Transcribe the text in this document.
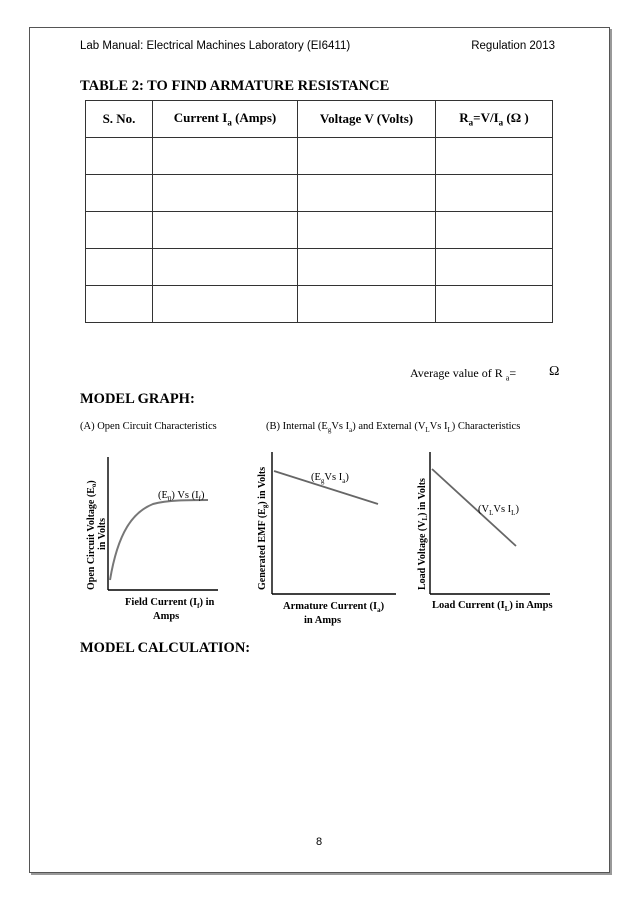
Lab Manual: Electrical Machines Laboratory (EI6411)	Regulation 2013
TABLE 2: TO FIND ARMATURE RESISTANCE
S. No.	Current $I_a$ (Amps)	Voltage V (Volts)	$R_a=V/I_a$ (Ω )

Average value of R $_a$= Ω
MODEL GRAPH:
(A) Open Circuit Characteristics	(B) Internal ($E_gVs$ $I_a$) and External ($V_LVs$ $I_L$) Characteristics
Open Circuit Voltage $(E_o)$
in Volts
$(E_0)$ Vs $(I_f)$
Field Current $(I_f)$ in
Amps
Generated EMF $(E_g)$ in Volts	($E_gVs$ $I_a$)
Armature Current $(I_a)$
in Amps
Load Voltage $(V_L)$ in Volts	($V_LVs$ $I_L$)
Load Current $(I_L)$ in Amps
MODEL CALCULATION:
8
